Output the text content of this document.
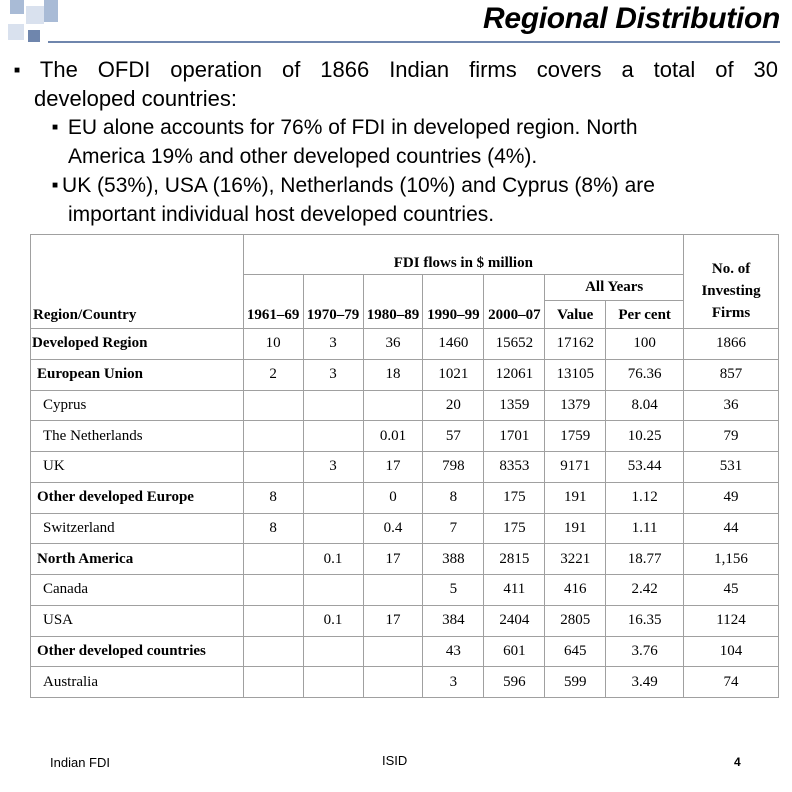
Regional Distribution
■ The OFDI operation of 1866 Indian firms covers a total of 30
developed countries:
■ EU alone accounts for 76% of FDI in developed region. North
America 19% and other developed countries (4%).
■ UK (53%), USA (16%), Netherlands (10%) and Cyprus (8%) are
important individual host developed countries.
Region/Country	FDI flows in $ million							No. of Investing Firms
	1961–69	1970–79	1980–89	1990–99	2000–07	All Years		
						Value	Per cent	
Developed Region	10	3	36	1460	15652	17162	100	1866
European Union	2	3	18	1021	12061	13105	76.36	857
Cyprus				20	1359	1379	8.04	36
The Netherlands			0.01	57	1701	1759	10.25	79
UK		3	17	798	8353	9171	53.44	531
Other developed Europe	8		0	8	175	191	1.12	49
Switzerland	8		0.4	7	175	191	1.11	44
North America		0.1	17	388	2815	3221	18.77	1,156
Canada				5	411	416	2.42	45
USA		0.1	17	384	2404	2805	16.35	1124
Other developed countries				43	601	645	3.76	104
Australia				3	596	599	3.49	74
Indian FDI	ISID	4
